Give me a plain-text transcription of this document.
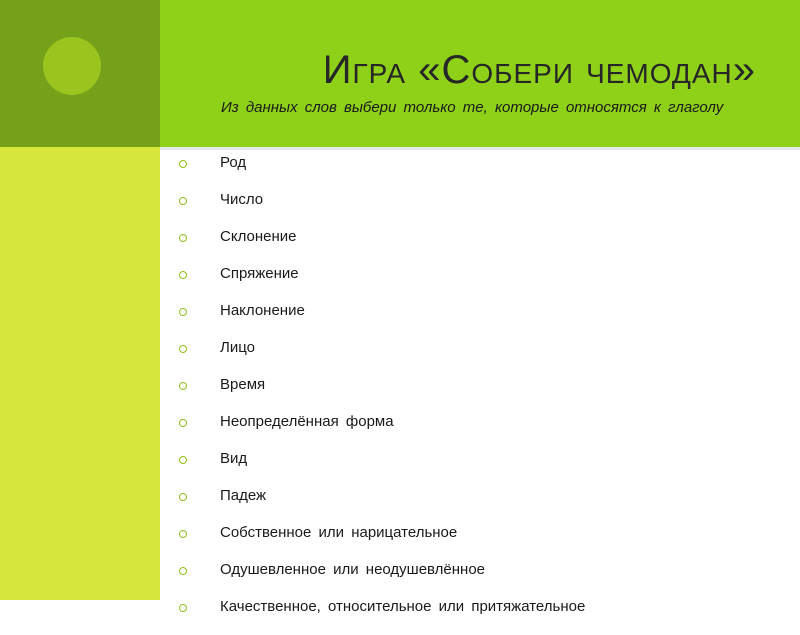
Игра «Собери чемодан»
Из данных слов выбери только те, которые относятся к глаголу
Род
Число
Склонение
Спряжение
Наклонение
Лицо
Время
Неопределённая форма
Вид
Падеж
Собственное или нарицательное
Одушевленное или неодушевлённое
Качественное, относительное или притяжательное
